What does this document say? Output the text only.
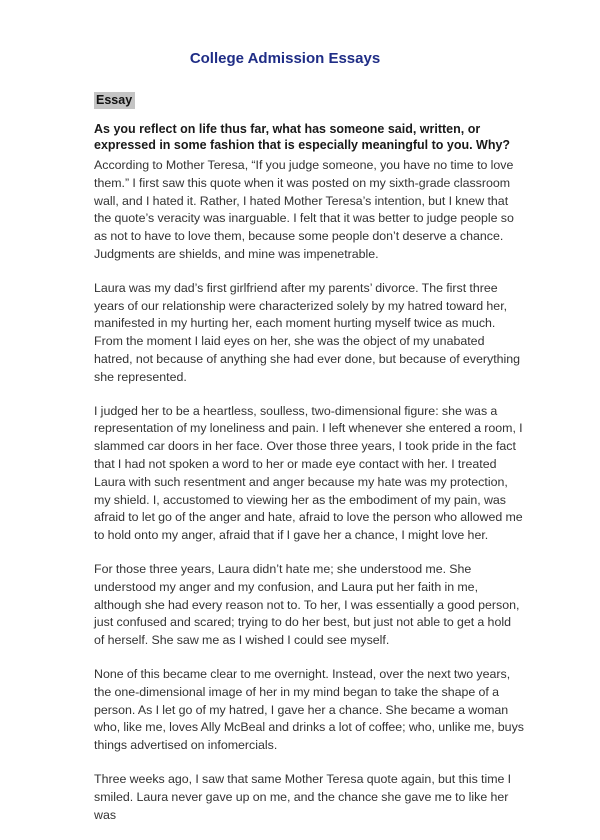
College Admission Essays
Essay

As you reflect on life thus far, what has someone said, written, or expressed in some fashion that is especially meaningful to you. Why?

According to Mother Teresa, “If you judge someone, you have no time to love them.” I first saw this quote when it was posted on my sixth-grade classroom wall, and I hated it. Rather, I hated Mother Teresa’s intention, but I knew that the quote’s veracity was inarguable. I felt that it was better to judge people so as not to have to love them, because some people don’t deserve a chance. Judgments are shields, and mine was impenetrable.

Laura was my dad’s first girlfriend after my parents’ divorce. The first three years of our relationship were characterized solely by my hatred toward her, manifested in my hurting her, each moment hurting myself twice as much. From the moment I laid eyes on her, she was the object of my unabated hatred, not because of anything she had ever done, but because of everything she represented.

I judged her to be a heartless, soulless, two-dimensional figure: she was a representation of my loneliness and pain. I left whenever she entered a room, I slammed car doors in her face. Over those three years, I took pride in the fact that I had not spoken a word to her or made eye contact with her. I treated Laura with such resentment and anger because my hate was my protection, my shield. I, accustomed to viewing her as the embodiment of my pain, was afraid to let go of the anger and hate, afraid to love the person who allowed me to hold onto my anger, afraid that if I gave her a chance, I might love her.

For those three years, Laura didn’t hate me; she understood me. She understood my anger and my confusion, and Laura put her faith in me, although she had every reason not to. To her, I was essentially a good person, just confused and scared; trying to do her best, but just not able to get a hold of herself. She saw me as I wished I could see myself.

None of this became clear to me overnight. Instead, over the next two years, the one-dimensional image of her in my mind began to take the shape of a person. As I let go of my hatred, I gave her a chance. She became a woman who, like me, loves Ally McBeal and drinks a lot of coffee; who, unlike me, buys things advertised on infomercials.

Three weeks ago, I saw that same Mother Teresa quote again, but this time I smiled. Laura never gave up on me, and the chance she gave me to like her was
